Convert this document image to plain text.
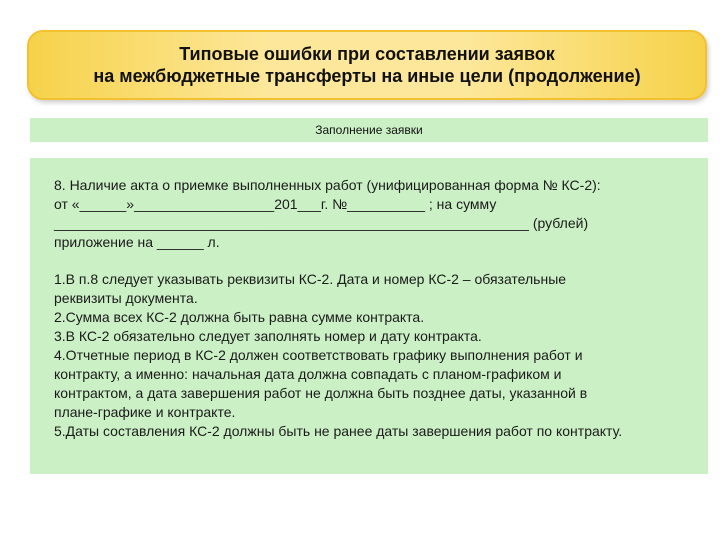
Типовые ошибки при составлении заявок
на межбюджетные трансферты на иные цели (продолжение)
Заполнение заявки

8. Наличие акта о приемке выполненных работ (унифицированная форма № КС-2):

от «______»__________________201___г. №__________ ; на сумму

_____________________________________________________________ (рублей)

приложение на ______ л.

1.В п.8 следует указывать реквизиты КС-2. Дата и номер КС-2 – обязательные

реквизиты документа.

2.Сумма всех КС-2 должна быть равна сумме контракта.

3.В КС-2 обязательно следует заполнять номер и дату контракта.

4.Отчетные период в КС-2 должен соответствовать графику выполнения работ и

контракту, а именно: начальная дата должна совпадать с планом-графиком и

контрактом, а дата завершения работ не должна быть позднее даты, указанной в

плане-графике и контракте.

5.Даты составления КС-2 должны быть не ранее даты завершения работ по контракту.
